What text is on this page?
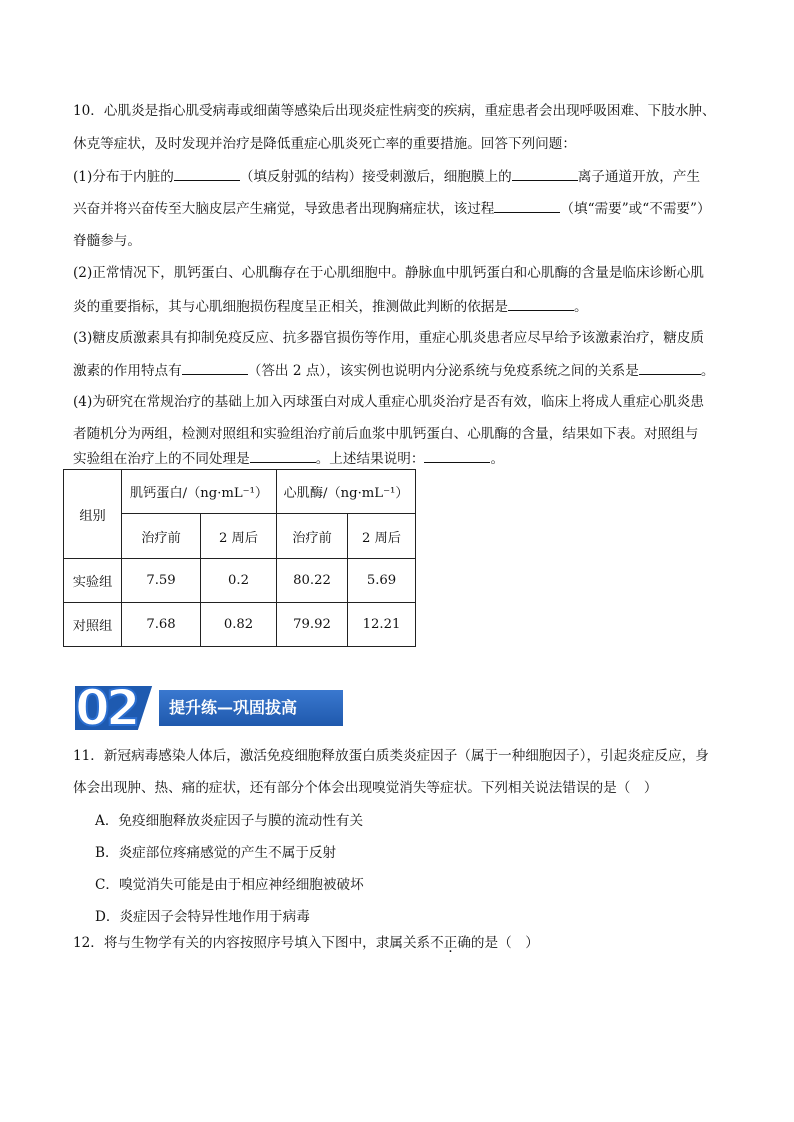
10．心肌炎是指心肌受病毒或细菌等感染后出现炎症性病变的疾病，重症患者会出现呼吸困难、下肢水肿、
休克等症状，及时发现并治疗是降低重症心肌炎死亡率的重要措施。回答下列问题：
(1)分布于内脏的	（填反射弧的结构）接受刺激后，细胞膜上的	离子通道开放，产生
兴奋并将兴奋传至大脑皮层产生痛觉，导致患者出现胸痛症状，该过程	（填“需要”或“不需要”）
脊髓参与。
(2)正常情况下，肌钙蛋白、心肌酶存在于心肌细胞中。静脉血中肌钙蛋白和心肌酶的含量是临床诊断心肌
炎的重要指标，其与心肌细胞损伤程度呈正相关，推测做此判断的依据是	。
(3)糖皮质激素具有抑制免疫反应、抗多器官损伤等作用，重症心肌炎患者应尽早给予该激素治疗，糖皮质
激素的作用特点有	（答出 2 点），该实例也说明内分泌系统与免疫系统之间的关系是	。
(4)为研究在常规治疗的基础上加入丙球蛋白对成人重症心肌炎治疗是否有效，临床上将成人重症心肌炎患
者随机分为两组，检测对照组和实验组治疗前后血浆中肌钙蛋白、心肌酶的含量，结果如下表。对照组与
实验组在治疗上的不同处理是	。上述结果说明：	。
组别	肌钙蛋白/（ng·mL⁻¹）		心肌酶/（ng·mL⁻¹）	
	治疗前	2 周后	治疗前	2 周后
实验组	7.59	0.2	80.22	5.69
对照组	7.68	0.82	79.92	12.21
02	提升练—巩固拔高
11．新冠病毒感染人体后，激活免疫细胞释放蛋白质类炎症因子（属于一种细胞因子），引起炎症反应，身
体会出现肿、热、痛的症状，还有部分个体会出现嗅觉消失等症状。下列相关说法错误的是（　）
A．免疫细胞释放炎症因子与膜的流动性有关
B．炎症部位疼痛感觉的产生不属于反射
C．嗅觉消失可能是由于相应神经细胞被破坏
D．炎症因子会特异性地作用于病毒
12．将与生物学有关的内容按照序号填入下图中，隶属关系不正确的是（　）
